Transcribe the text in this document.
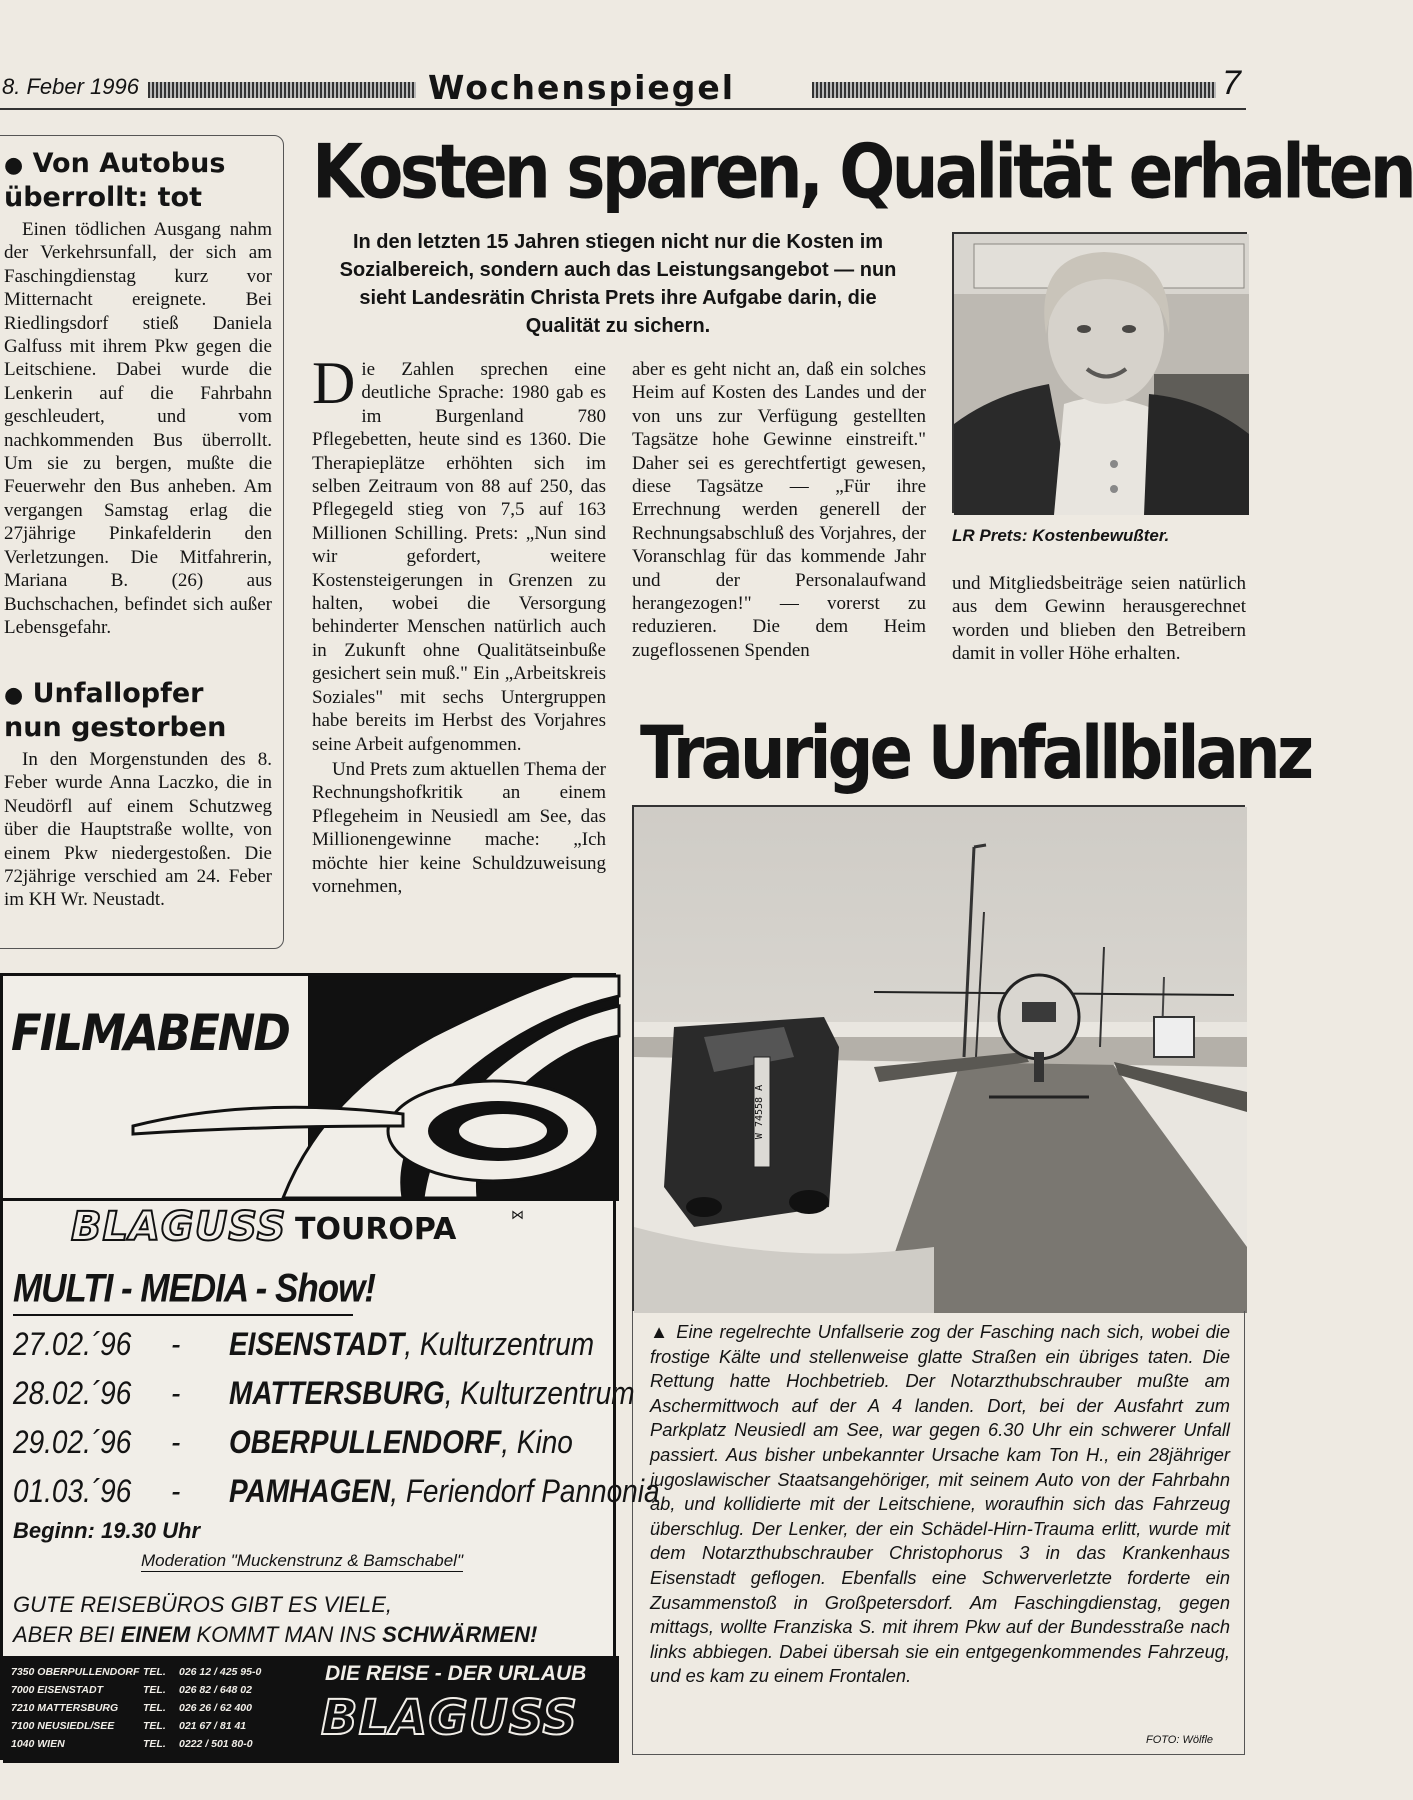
8. Feber 1996	Wochenspiegel	7
● Von Autobus
überrollt: tot

Einen tödlichen Ausgang nahm der Verkehrsunfall, der sich am Faschingdienstag kurz vor Mitternacht ereignete. Bei Riedlingsdorf stieß Daniela Galfuss mit ihrem Pkw gegen die Leitschiene. Dabei wurde die Lenkerin auf die Fahrbahn geschleudert, und vom nachkommenden Bus überrollt. Um sie zu bergen, mußte die Feuerwehr den Bus anheben. Am vergangen Samstag erlag die 27jährige Pinkafelderin den Verletzungen. Die Mitfahrerin, Mariana B. (26) aus Buchschachen, befindet sich außer Lebensgefahr.

● Unfallopfer
nun gestorben

In den Morgenstunden des 8. Feber wurde Anna Laczko, die in Neudörfl auf einem Schutzweg über die Hauptstraße wollte, von einem Pkw niedergestoßen. Die 72jährige verschied am 24. Feber im KH Wr. Neustadt.

Kosten sparen, Qualität erhalten

In den letzten 15 Jahren stiegen nicht nur die Kosten im Sozialbereich, sondern auch das Leistungsangebot — nun sieht Landesrätin Christa Prets ihre Aufgabe darin, die Qualität zu sichern.

D ie Zahlen sprechen eine deutliche Sprache: 1980 gab es im Burgenland 780 Pflegebetten, heute sind es 1360. Die Therapieplätze erhöhten sich im selben Zeitraum von 88 auf 250, das Pflegegeld stieg von 7,5 auf 163 Millionen Schilling. Prets: „Nun sind wir gefordert, weitere Kostensteigerungen in Grenzen zu halten, wobei die Versorgung behinderter Menschen natürlich auch in Zukunft ohne Qualitätseinbuße gesichert sein muß." Ein „Arbeitskreis Soziales" mit sechs Untergruppen habe bereits im Herbst des Vorjahres seine Arbeit aufgenommen.

Und Prets zum aktuellen Thema der Rechnungshofkritik an einem Pflegeheim in Neusiedl am See, das Millionengewinne mache: „Ich möchte hier keine Schuldzuweisung vornehmen,

aber es geht nicht an, daß ein solches Heim auf Kosten des Landes und der von uns zur Verfügung gestellten Tagsätze hohe Gewinne einstreift." Daher sei es gerechtfertigt gewesen, diese Tagsätze — „Für ihre Errechnung werden generell der Rechnungsabschluß des Vorjahres, der Voranschlag für das kommende Jahr und der Personalaufwand herangezogen!" — vorerst zu reduzieren. Die dem Heim zugeflossenen Spenden
LR Prets: Kostenbewußter.
und Mitgliedsbeiträge seien natürlich aus dem Gewinn herausgerechnet worden und blieben den Betreibern damit in voller Höhe erhalten.
Traurige Unfallbilanz
W 74558 A

▲ Eine regelrechte Unfallserie zog der Fasching nach sich, wobei die frostige Kälte und stellenweise glatte Straßen ein übriges taten. Die Rettung hatte Hochbetrieb. Der Notarzthubschrauber mußte am Aschermittwoch auf der A 4 landen. Dort, bei der Ausfahrt zum Parkplatz Neusiedl am See, war gegen 6.30 Uhr ein schwerer Unfall passiert. Aus bisher unbekannter Ursache kam Ton H., ein 28jähriger jugoslawischer Staatsangehöriger, mit seinem Auto von der Fahrbahn ab, und kollidierte mit der Leitschiene, woraufhin sich das Fahrzeug überschlug. Der Lenker, der ein Schädel-Hirn-Trauma erlitt, wurde mit dem Notarzthubschrauber Christophorus 3 in das Krankenhaus Eisenstadt geflogen. Ebenfalls eine Schwerverletzte forderte ein Zusammenstoß in Großpetersdorf. Am Faschingdienstag, gegen mittags, wollte Franziska S. mit ihrem Pkw auf der Bundesstraße nach links abbiegen. Dabei übersah sie ein entgegenkommendes Fahrzeug, und es kam zu einem Frontalen.

FOTO: Wölfle
FILMABEND
BLAGUSS TOUROPA	⋈
MULTI - MEDIA - Show!
27.02.´96 - EISENSTADT, Kulturzentrum
28.02.´96 - MATTERSBURG, Kulturzentrum
29.02.´96 - OBERPULLENDORF, Kino
01.03.´96 - PAMHAGEN, Feriendorf Pannonia
Beginn: 19.30 Uhr
Moderation "Muckenstrunz & Bamschabel"
GUTE REISEBÜROS GIBT ES VIELE,
ABER BEI EINEM KOMMT MAN INS SCHWÄRMEN!
7350 OBERPULLENDORF TEL. 026 12 / 425 95-0
7000 EISENSTADT	TEL. 026 82 / 648 02
7210 MATTERSBURG TEL. 026 26 / 62 400
7100 NEUSIEDL/SEE	TEL. 021 67 / 81 41
1040 WIEN	TEL. 0222 / 501 80-0
DIE REISE - DER URLAUB
BLAGUSS
